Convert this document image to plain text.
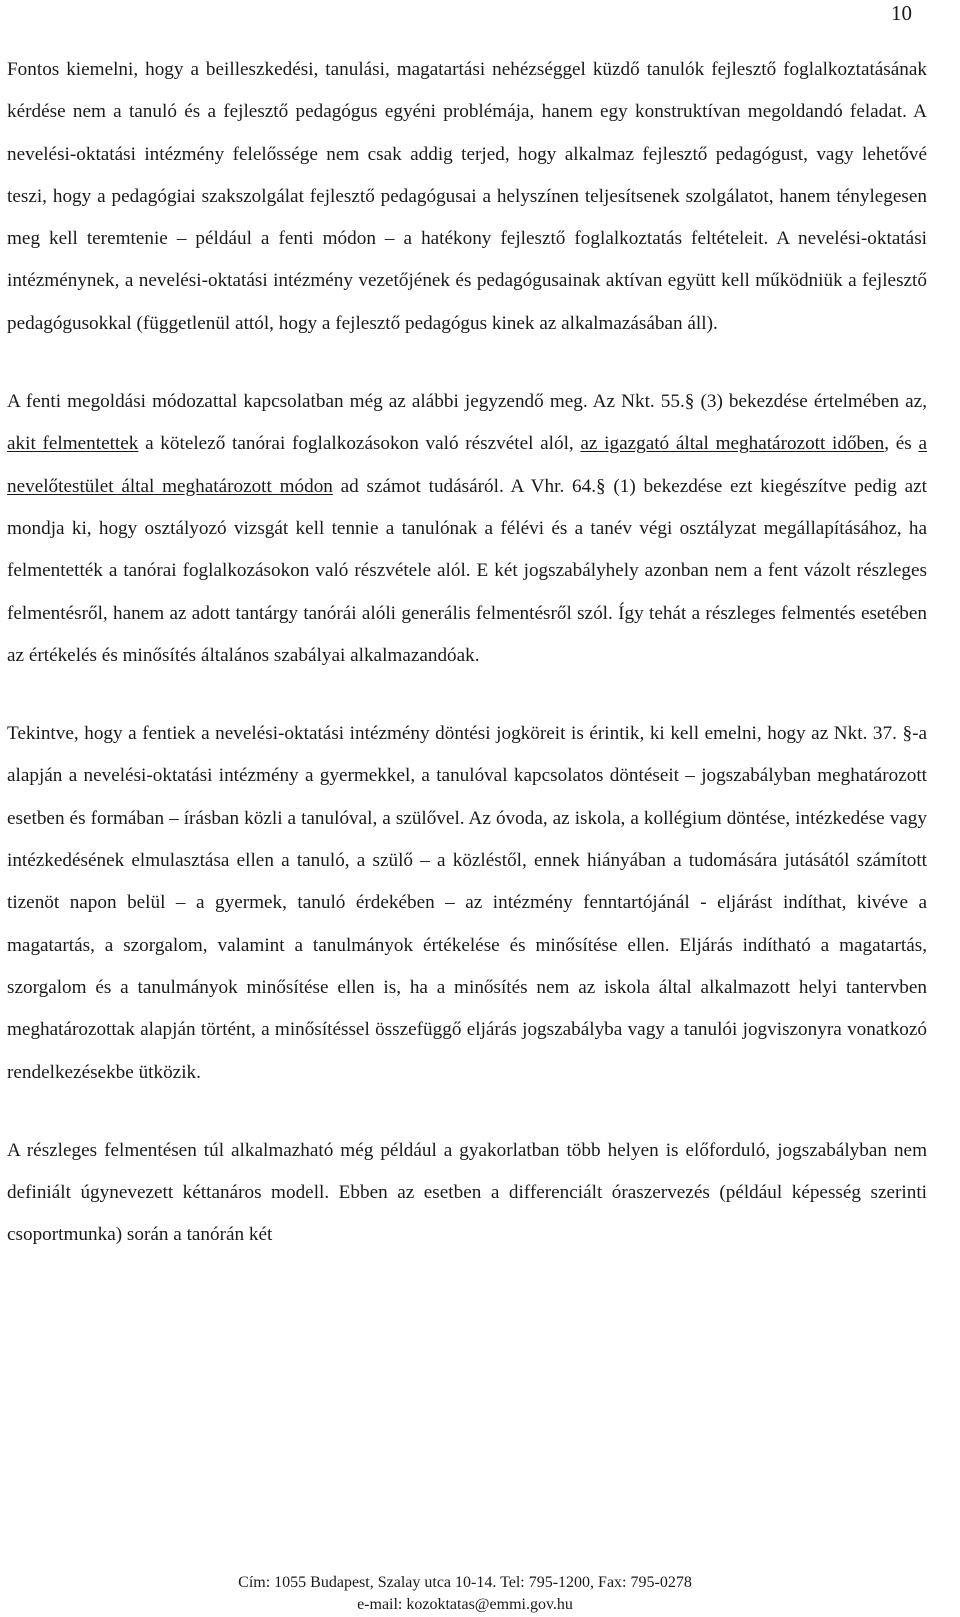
10

Fontos kiemelni, hogy a beilleszkedési, tanulási, magatartási nehézséggel küzdő tanulók fejlesztő foglalkoztatásának kérdése nem a tanuló és a fejlesztő pedagógus egyéni problémája, hanem egy konstruktívan megoldandó feladat. A nevelési-oktatási intézmény felelőssége nem csak addig terjed, hogy alkalmaz fejlesztő pedagógust, vagy lehetővé teszi, hogy a pedagógiai szakszolgálat fejlesztő pedagógusai a helyszínen teljesítsenek szolgálatot, hanem ténylegesen meg kell teremtenie – például a fenti módon – a hatékony fejlesztő foglalkoztatás feltételeit. A nevelési-oktatási intézménynek, a nevelési-oktatási intézmény vezetőjének és pedagógusainak aktívan együtt kell működniük a fejlesztő pedagógusokkal (függetlenül attól, hogy a fejlesztő pedagógus kinek az alkalmazásában áll).

A fenti megoldási módozattal kapcsolatban még az alábbi jegyzendő meg. Az Nkt. 55.§ (3) bekezdése értelmében az, akit felmentettek a kötelező tanórai foglalkozásokon való részvétel alól, az igazgató által meghatározott időben, és a nevelőtestület által meghatározott módon ad számot tudásáról. A Vhr. 64.§ (1) bekezdése ezt kiegészítve pedig azt mondja ki, hogy osztályozó vizsgát kell tennie a tanulónak a félévi és a tanév végi osztályzat megállapításához, ha felmentették a tanórai foglalkozásokon való részvétele alól. E két jogszabályhely azonban nem a fent vázolt részleges felmentésről, hanem az adott tantárgy tanórái alóli generális felmentésről szól. Így tehát a részleges felmentés esetében az értékelés és minősítés általános szabályai alkalmazandóak.

Tekintve, hogy a fentiek a nevelési-oktatási intézmény döntési jogköreit is érintik, ki kell emelni, hogy az Nkt. 37. §-a alapján a nevelési-oktatási intézmény a gyermekkel, a tanulóval kapcsolatos döntéseit – jogszabályban meghatározott esetben és formában – írásban közli a tanulóval, a szülővel. Az óvoda, az iskola, a kollégium döntése, intézkedése vagy intézkedésének elmulasztása ellen a tanuló, a szülő – a közléstől, ennek hiányában a tudomására jutásától számított tizenöt napon belül – a gyermek, tanuló érdekében – az intézmény fenntartójánál - eljárást indíthat, kivéve a magatartás, a szorgalom, valamint a tanulmányok értékelése és minősítése ellen. Eljárás indítható a magatartás, szorgalom és a tanulmányok minősítése ellen is, ha a minősítés nem az iskola által alkalmazott helyi tantervben meghatározottak alapján történt, a minősítéssel összefüggő eljárás jogszabályba vagy a tanulói jogviszonyra vonatkozó rendelkezésekbe ütközik.

A részleges felmentésen túl alkalmazható még például a gyakorlatban több helyen is előforduló, jogszabályban nem definiált úgynevezett kéttanáros modell. Ebben az esetben a differenciált óraszervezés (például képesség szerinti csoportmunka) során a tanórán két

Cím: 1055 Budapest, Szalay utca 10-14. Tel: 795-1200, Fax: 795-0278
e-mail: kozoktatas@emmi.gov.hu
